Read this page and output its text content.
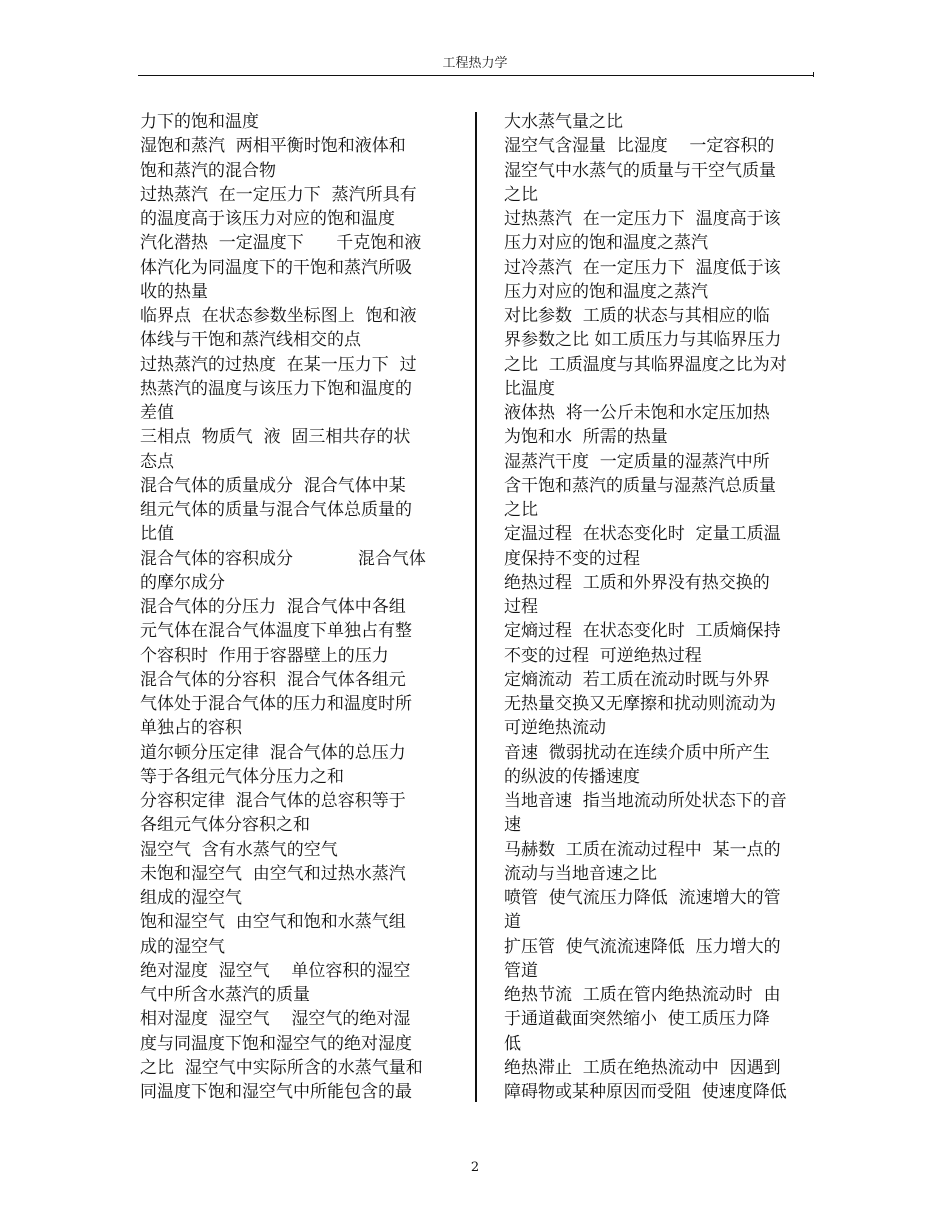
工程热力学
力下的饱和温度
湿饱和蒸汽  两相平衡时饱和液体和
饱和蒸汽的混合物
过热蒸汽  在一定压力下  蒸汽所具有
的温度高于该压力对应的饱和温度
汽化潜热  一定温度下      千克饱和液
体汽化为同温度下的干饱和蒸汽所吸
收的热量
临界点  在状态参数坐标图上  饱和液
体线与干饱和蒸汽线相交的点
过热蒸汽的过热度  在某一压力下  过
热蒸汽的温度与该压力下饱和温度的
差值
三相点  物质气  液  固三相共存的状
态点
混合气体的质量成分  混合气体中某
组元气体的质量与混合气体总质量的
比值
混合气体的容积成分            混合气体
的摩尔成分
混合气体的分压力  混合气体中各组
元气体在混合气体温度下单独占有整
个容积时  作用于容器壁上的压力
混合气体的分容积  混合气体各组元
气体处于混合气体的压力和温度时所
单独占的容积
道尔顿分压定律  混合气体的总压力
等于各组元气体分压力之和
分容积定律  混合气体的总容积等于
各组元气体分容积之和
湿空气  含有水蒸气的空气
未饱和湿空气  由空气和过热水蒸汽
组成的湿空气
饱和湿空气  由空气和饱和水蒸气组
成的湿空气
绝对湿度  湿空气    单位容积的湿空
气中所含水蒸汽的质量
相对湿度  湿空气    湿空气的绝对湿
度与同温度下饱和湿空气的绝对湿度
之比  湿空气中实际所含的水蒸气量和
同温度下饱和湿空气中所能包含的最
大水蒸气量之比
湿空气含湿量  比湿度    一定容积的
湿空气中水蒸气的质量与干空气质量
之比
过热蒸汽  在一定压力下  温度高于该
压力对应的饱和温度之蒸汽
过冷蒸汽  在一定压力下  温度低于该
压力对应的饱和温度之蒸汽
对比参数  工质的状态与其相应的临
界参数之比 如工质压力与其临界压力
之比  工质温度与其临界温度之比为对
比温度
液体热  将一公斤未饱和水定压加热
为饱和水  所需的热量
湿蒸汽干度  一定质量的湿蒸汽中所
含干饱和蒸汽的质量与湿蒸汽总质量
之比
定温过程  在状态变化时  定量工质温
度保持不变的过程
绝热过程  工质和外界没有热交换的
过程
定熵过程  在状态变化时  工质熵保持
不变的过程  可逆绝热过程
定熵流动  若工质在流动时既与外界
无热量交换又无摩擦和扰动则流动为
可逆绝热流动
音速  微弱扰动在连续介质中所产生
的纵波的传播速度
当地音速  指当地流动所处状态下的音
速
马赫数  工质在流动过程中  某一点的
流动与当地音速之比
喷管  使气流压力降低  流速增大的管
道
扩压管  使气流流速降低  压力增大的
管道
绝热节流  工质在管内绝热流动时  由
于通道截面突然缩小  使工质压力降
低
绝热滞止  工质在绝热流动中  因遇到
障碍物或某种原因而受阻  使速度降低
2
